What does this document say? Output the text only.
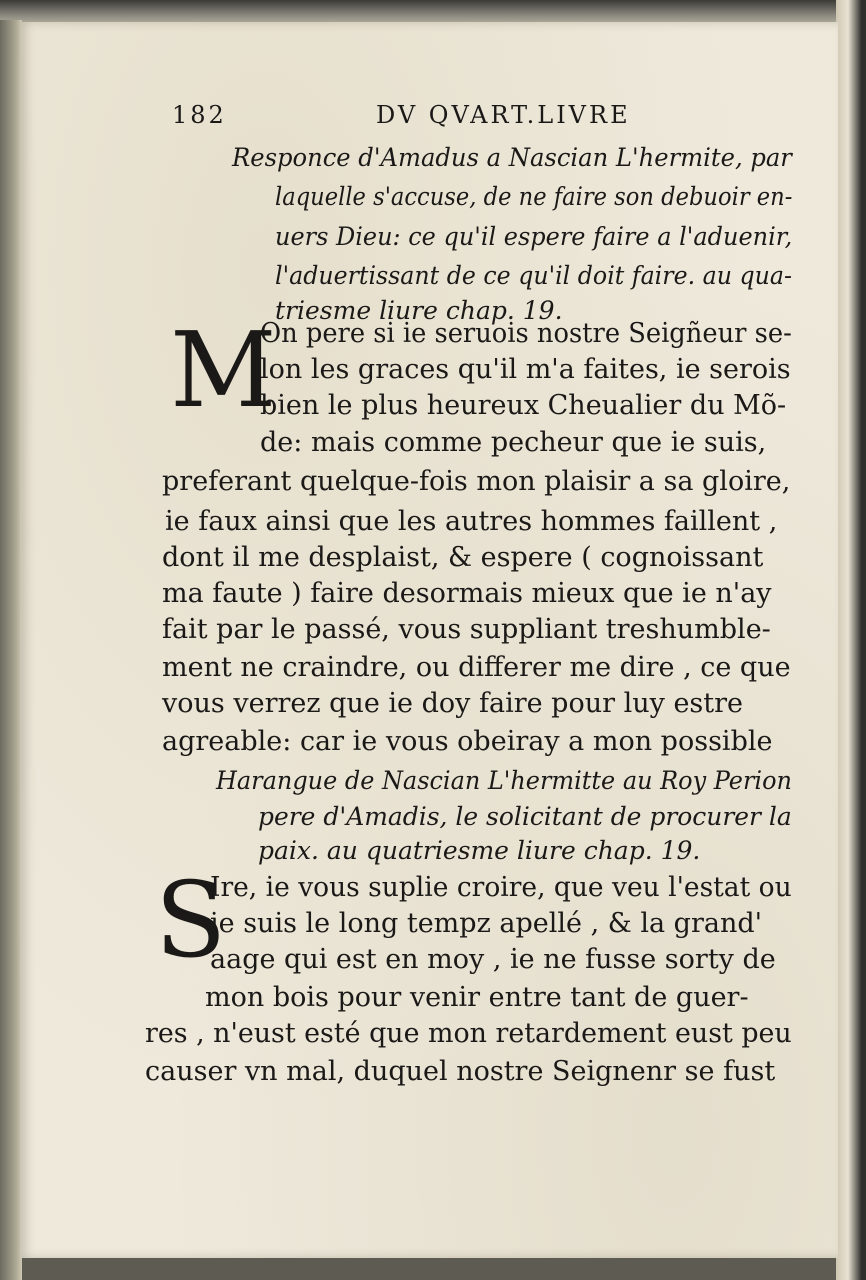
182	DV QVART.LIVRE
Responce d'Amadus a Nascian L'hermite, par
laquelle s'accuse, de ne faire son debuoir en-
uers Dieu: ce qu'il espere faire a l'aduenir,
l'aduertissant de ce qu'il doit faire. au qua-
triesme liure chap. 19.
M
On pere si ie seruois nostre Seigñeur se-
lon les graces qu'il m'a faites, ie serois
bien le plus heureux Cheualier du Mõ-
de: mais comme pecheur que ie suis,
preferant quelque-fois mon plaisir a sa gloire,
ie faux ainsi que les autres hommes faillent ,
dont il me desplaist, & espere ( cognoissant
ma faute ) faire desormais mieux que ie n'ay
fait par le passé, vous suppliant treshumble-
ment ne craindre, ou differer me dire , ce que
vous verrez que ie doy faire pour luy estre
agreable: car ie vous obeiray a mon possible
Harangue de Nascian L'hermitte au Roy Perion
pere d'Amadis, le solicitant de procurer la
paix. au quatriesme liure chap. 19.
S
Ire, ie vous suplie croire, que veu l'estat ou
ie suis le long tempz apellé , & la grand'
aage qui est en moy , ie ne fusse sorty de
mon bois pour venir entre tant de guer-
res , n'eust esté que mon retardement eust peu
causer vn mal, duquel nostre Seignenr se fust
